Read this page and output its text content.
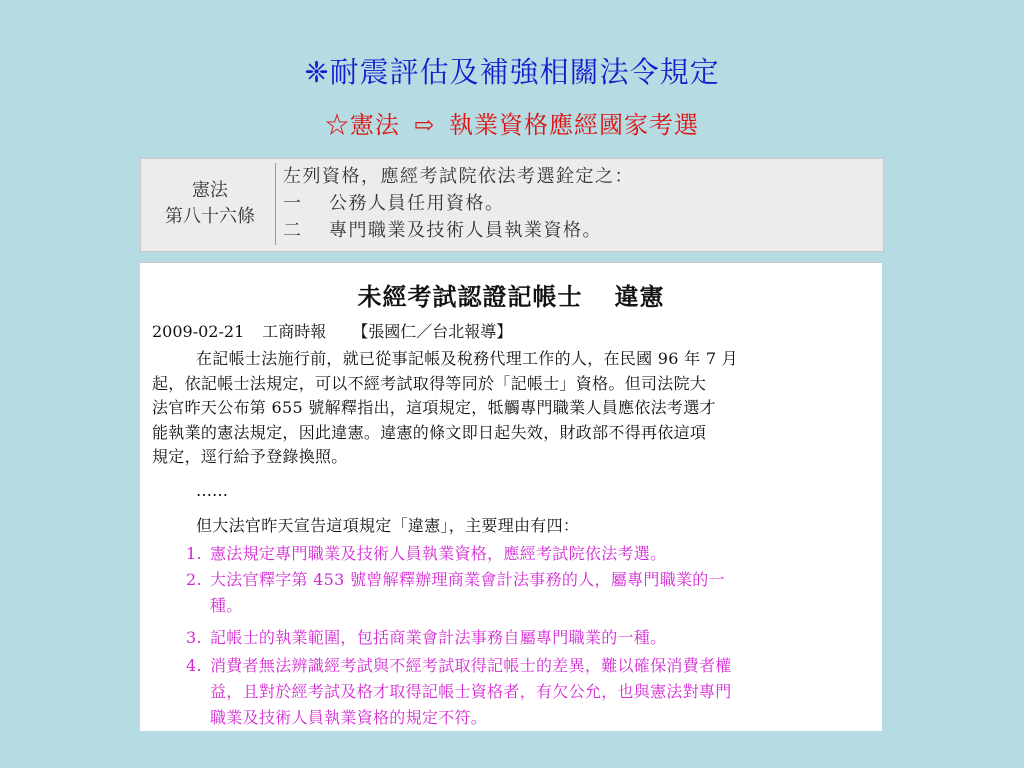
❈耐震評估及補強相關法令規定
☆憲法 ⇨ 執業資格應經國家考選
憲法
第八十六條
左列資格，應經考試院依法考選銓定之：
一 公務人員任用資格。
二 專門職業及技術人員執業資格。
未經考試認證記帳士 違憲
2009-02-21 工商時報 【張國仁／台北報導】
在記帳士法施行前，就已從事記帳及稅務代理工作的人，在民國 96 年 7 月
起，依記帳士法規定，可以不經考試取得等同於「記帳士」資格。但司法院大
法官昨天公布第 655 號解釋指出，這項規定，牴觸專門職業人員應依法考選才
能執業的憲法規定，因此違憲。違憲的條文即日起失效，財政部不得再依這項
規定，逕行給予登錄換照。
……
但大法官昨天宣告這項規定「違憲」，主要理由有四：
1. 憲法規定專門職業及技術人員執業資格，應經考試院依法考選。
2. 大法官釋字第 453 號曾解釋辦理商業會計法事務的人，屬專門職業的一
種。
3. 記帳士的執業範圍，包括商業會計法事務自屬專門職業的一種。
4. 消費者無法辨識經考試與不經考試取得記帳士的差異，難以確保消費者權
益，且對於經考試及格才取得記帳士資格者，有欠公允，也與憲法對專門
職業及技術人員執業資格的規定不符。
